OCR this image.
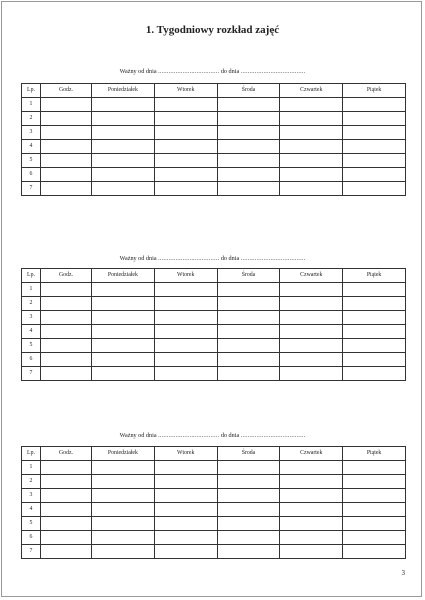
1. Tygodniowy rozkład zajęć
Ważny od dnia ................................... do dnia .....................................
Lp.	Godz.	Poniedziałek	Wtorek	Środa	Czwartek	Piątek
1						
2						
3						
4						
5						
6						
7						
Ważny od dnia ................................... do dnia .....................................
Lp.	Godz.	Poniedziałek	Wtorek	Środa	Czwartek	Piątek
1						
2						
3						
4						
5						
6						
7						
Ważny od dnia ................................... do dnia .....................................
Lp.	Godz.	Poniedziałek	Wtorek	Środa	Czwartek	Piątek
1						
2						
3						
4						
5						
6						
7						
3
